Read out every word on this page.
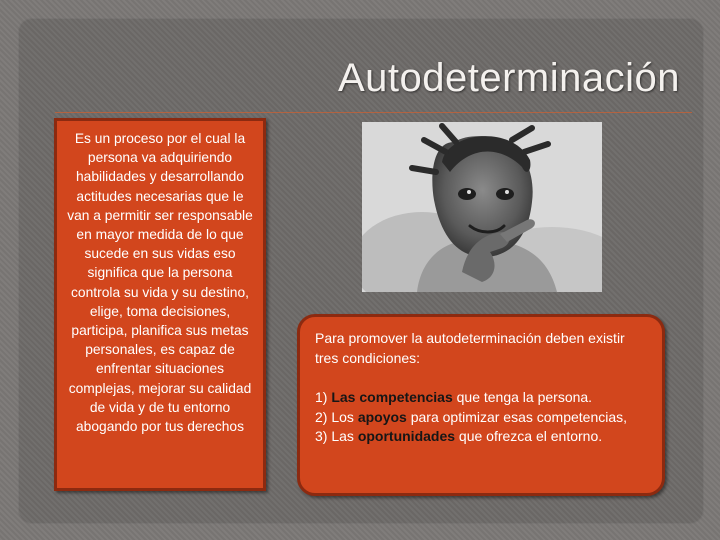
Autodeterminación
Es un proceso por el cual la persona va adquiriendo habilidades y desarrollando actitudes necesarias que le van a permitir ser responsable en mayor medida de lo que sucede en sus vidas eso significa que la persona controla su vida y su destino, elige, toma decisiones, participa, planifica sus metas personales, es capaz de enfrentar situaciones complejas, mejorar su calidad de vida y de tu entorno abogando por tus derechos

Para promover la autodeterminación deben existir tres condiciones:

1) Las competencias que tenga la persona.

2) Los apoyos para optimizar esas competencias,

3) Las oportunidades que ofrezca el entorno.
